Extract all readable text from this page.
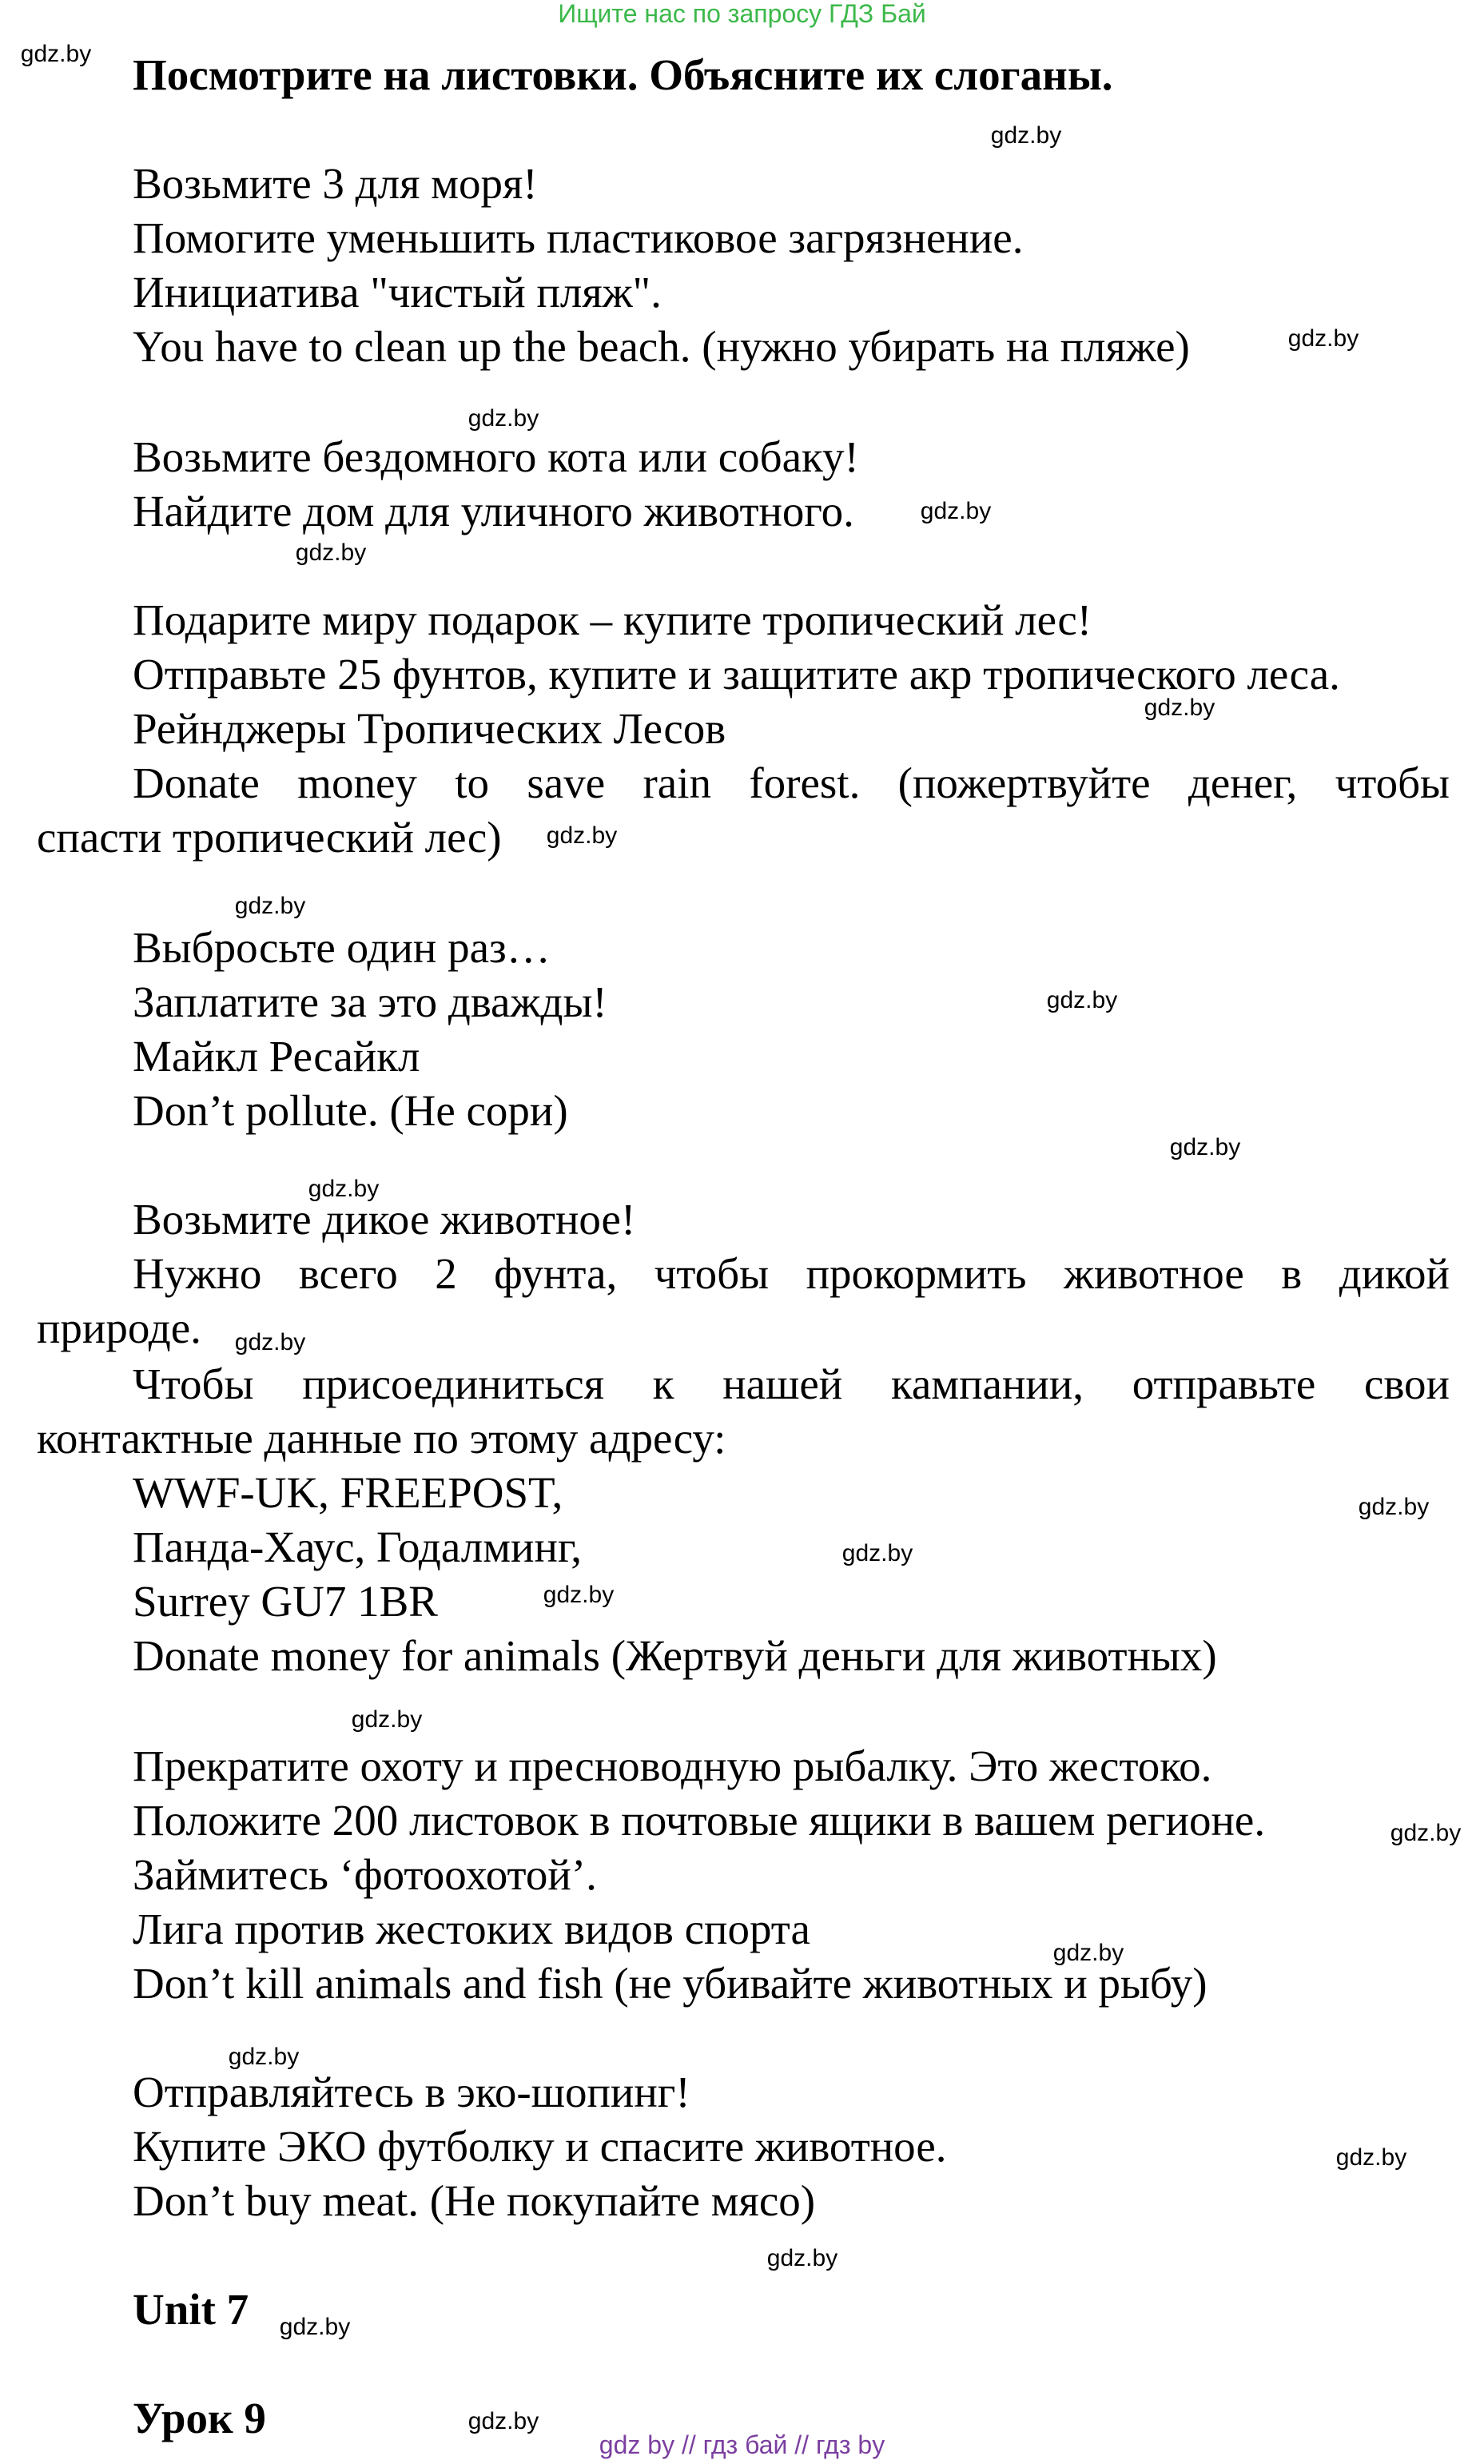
Ищите нас по запросу ГДЗ Бай
Посмотрите на листовки. Объясните их слоганы.
Возьмите 3 для моря!
Помогите уменьшить пластиковое загрязнение.
Инициатива "чистый пляж".
You have to clean up the beach. (нужно убирать на пляже)
Возьмите бездомного кота или собаку!
Найдите дом для уличного животного.
Подарите миру подарок – купите тропический лес!
Отправьте 25 фунтов, купите и защитите акр тропического леса.
Рейнджеры Тропических Лесов
Donate money to save rain forest. (пожертвуйте денег, чтобы
спасти тропический лес)
Выбросьте один раз…
Заплатите за это дважды!
Майкл Ресайкл
Don’t pollute. (Не сори)
Возьмите дикое животное!
Нужно всего 2 фунта, чтобы прокормить животное в дикой
природе.
Чтобы присоединиться к нашей кампании, отправьте свои
контактные данные по этому адресу:
WWF-UK, FREEPOST,
Панда-Хаус, Годалминг,
Surrey GU7 1BR
Donate money for animals (Жертвуй деньги для животных)
Прекратите охоту и пресноводную рыбалку. Это жестоко.
Положите 200 листовок в почтовые ящики в вашем регионе.
Займитесь ‘фотоохотой’.
Лига против жестоких видов спорта
Don’t kill animals and fish (не убивайте животных и рыбу)
Отправляйтесь в эко-шопинг!
Купите ЭКО футболку и спасите животное.
Don’t buy meat. (Не покупайте мясо)
Unit 7
Урок 9
gdz.by
gdz.by
gdz.by
gdz.by
gdz.by
gdz.by
gdz.by
gdz.by
gdz.by
gdz.by
gdz.by
gdz.by
gdz.by
gdz.by
gdz.by
gdz.by
gdz.by
gdz.by
gdz.by
gdz.by
gdz.by
gdz.by
gdz.by
gdz.by
gdz by // гдз бай // гдз by
